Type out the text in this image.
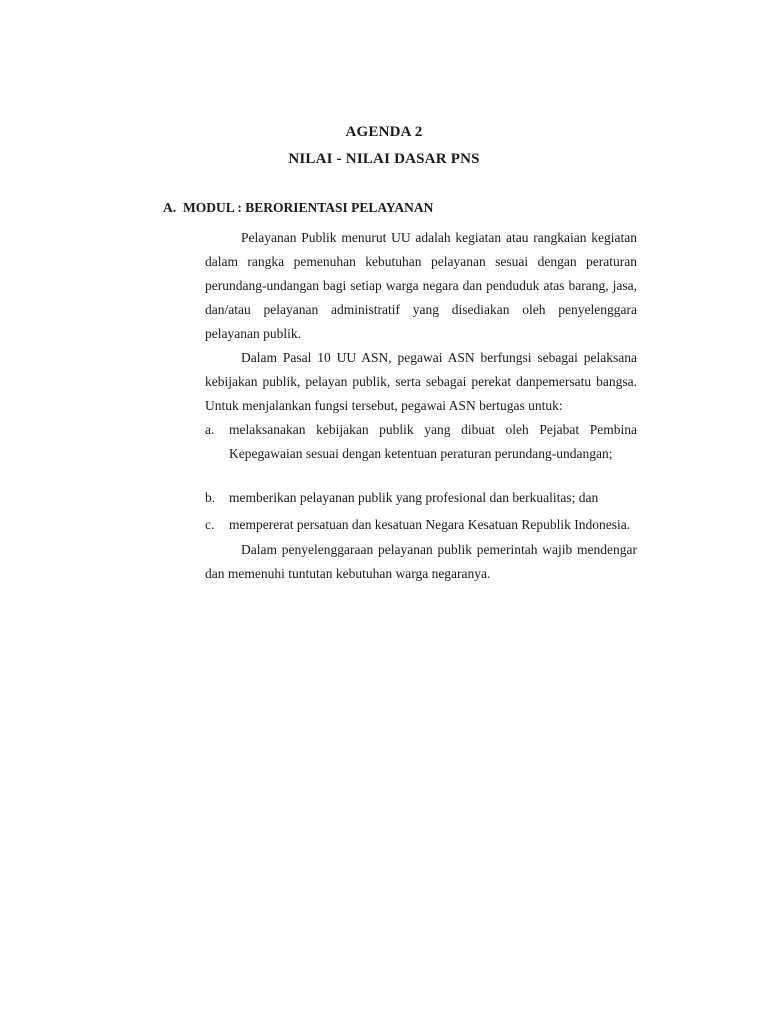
AGENDA 2
NILAI - NILAI DASAR PNS
A. MODUL : BERORIENTASI PELAYANAN
Pelayanan Publik menurut UU adalah kegiatan atau rangkaian kegiatan dalam rangka pemenuhan kebutuhan pelayanan sesuai dengan peraturan perundang-undangan bagi setiap warga negara dan penduduk atas barang, jasa, dan/atau pelayanan administratif yang disediakan oleh penyelenggara pelayanan publik.
Dalam Pasal 10 UU ASN, pegawai ASN berfungsi sebagai pelaksana kebijakan publik, pelayan publik, serta sebagai perekat danpemersatu bangsa. Untuk menjalankan fungsi tersebut, pegawai ASN bertugas untuk:
a.	melaksanakan kebijakan publik yang dibuat oleh Pejabat Pembina Kepegawaian sesuai dengan ketentuan peraturan perundang-undangan;
b.	memberikan pelayanan publik yang profesional dan berkualitas; dan
c.	mempererat persatuan dan kesatuan Negara Kesatuan Republik Indonesia.
Dalam penyelenggaraan pelayanan publik pemerintah wajib mendengar dan memenuhi tuntutan kebutuhan warga negaranya.
